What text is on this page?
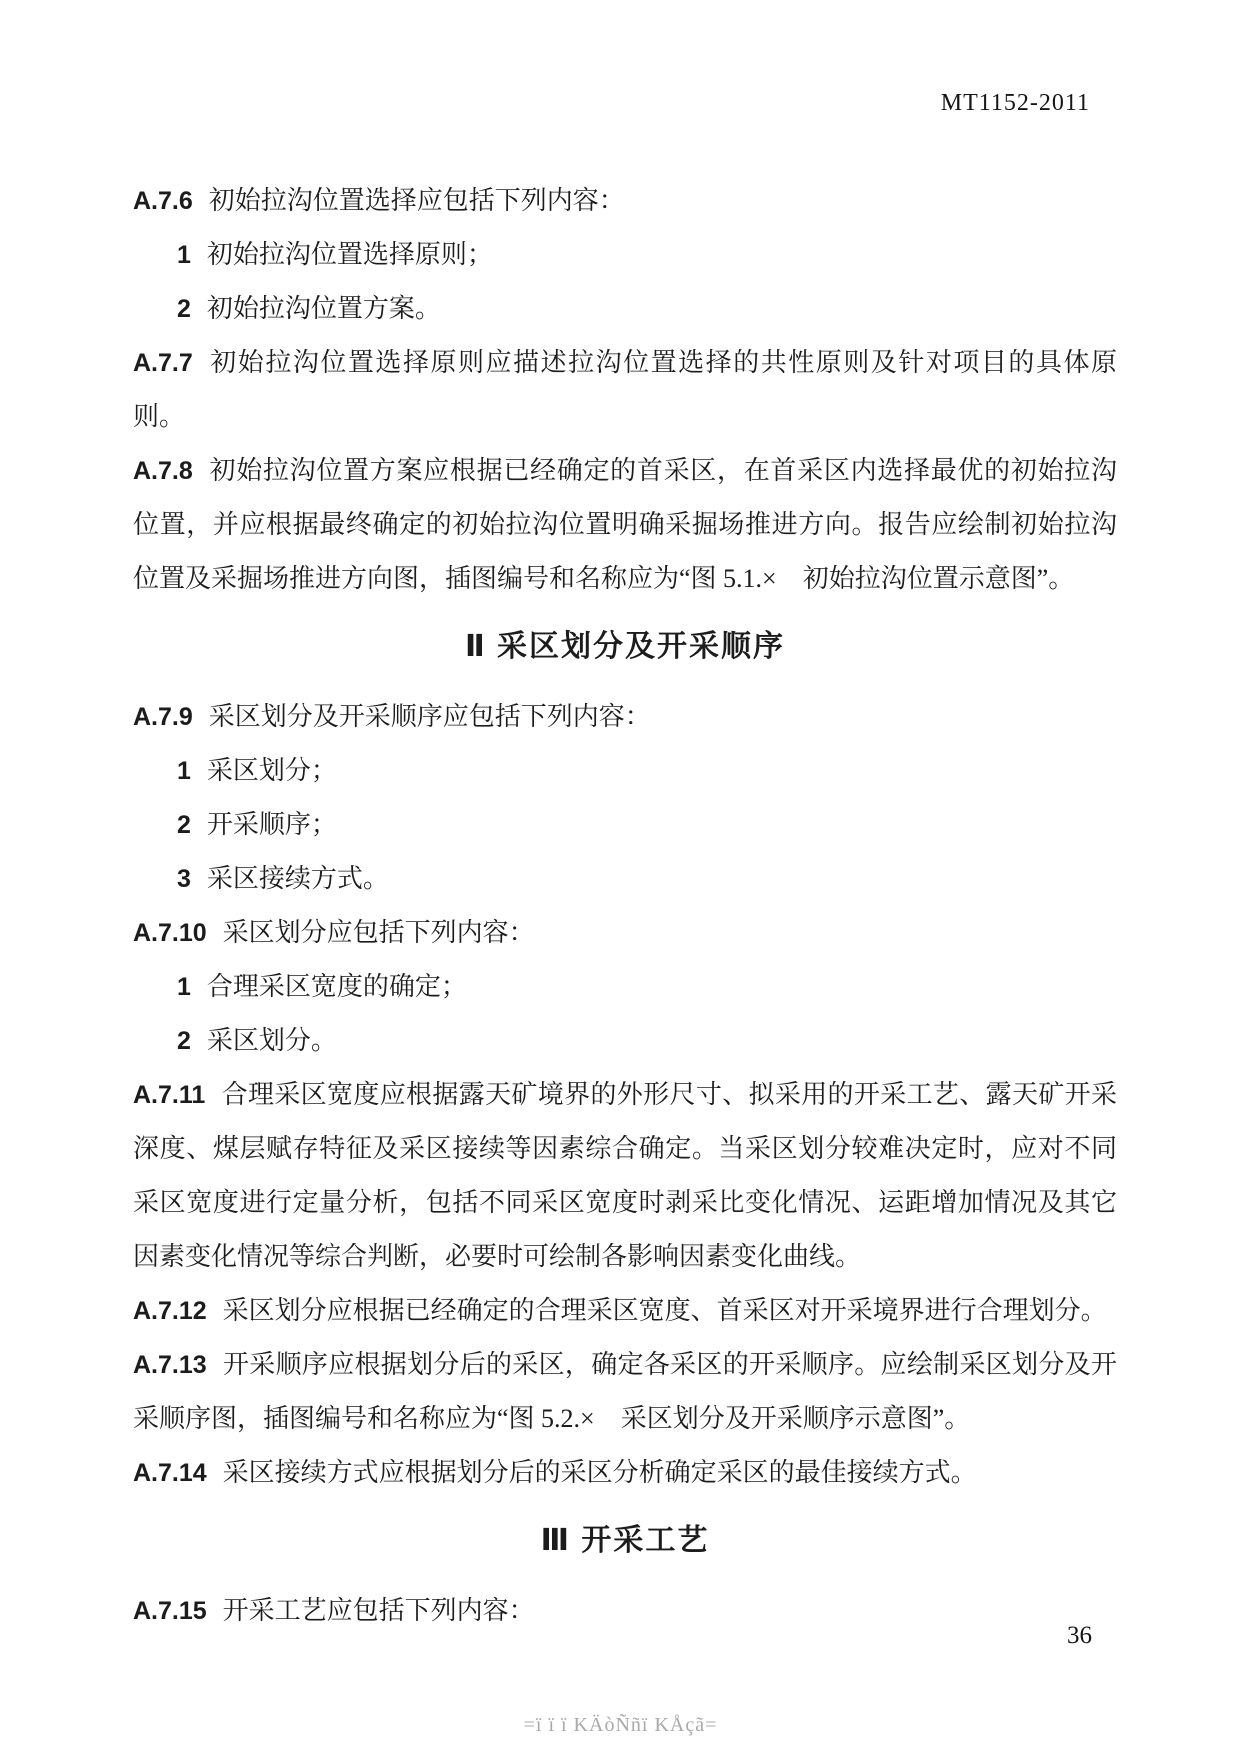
MT1152-2011
A.7.6 初始拉沟位置选择应包括下列内容：
1 初始拉沟位置选择原则；
2 初始拉沟位置方案。
A.7.7 初始拉沟位置选择原则应描述拉沟位置选择的共性原则及针对项目的具体原则。
A.7.8 初始拉沟位置方案应根据已经确定的首采区，在首采区内选择最优的初始拉沟位置，并应根据最终确定的初始拉沟位置明确采掘场推进方向。报告应绘制初始拉沟位置及采掘场推进方向图，插图编号和名称应为“图 5.1.×　初始拉沟位置示意图”。
Ⅱ 采区划分及开采顺序
A.7.9 采区划分及开采顺序应包括下列内容：
1 采区划分；
2 开采顺序；
3 采区接续方式。
A.7.10 采区划分应包括下列内容：
1 合理采区宽度的确定；
2 采区划分。
A.7.11 合理采区宽度应根据露天矿境界的外形尺寸、拟采用的开采工艺、露天矿开采深度、煤层赋存特征及采区接续等因素综合确定。当采区划分较难决定时，应对不同采区宽度进行定量分析，包括不同采区宽度时剥采比变化情况、运距增加情况及其它因素变化情况等综合判断，必要时可绘制各影响因素变化曲线。
A.7.12 采区划分应根据已经确定的合理采区宽度、首采区对开采境界进行合理划分。
A.7.13 开采顺序应根据划分后的采区，确定各采区的开采顺序。应绘制采区划分及开采顺序图，插图编号和名称应为“图 5.2.×　采区划分及开采顺序示意图”。
A.7.14 采区接续方式应根据划分后的采区分析确定采区的最佳接续方式。
Ⅲ 开采工艺
A.7.15 开采工艺应包括下列内容：
36
=ï ï ï KÄòÑñï KÅçã=
